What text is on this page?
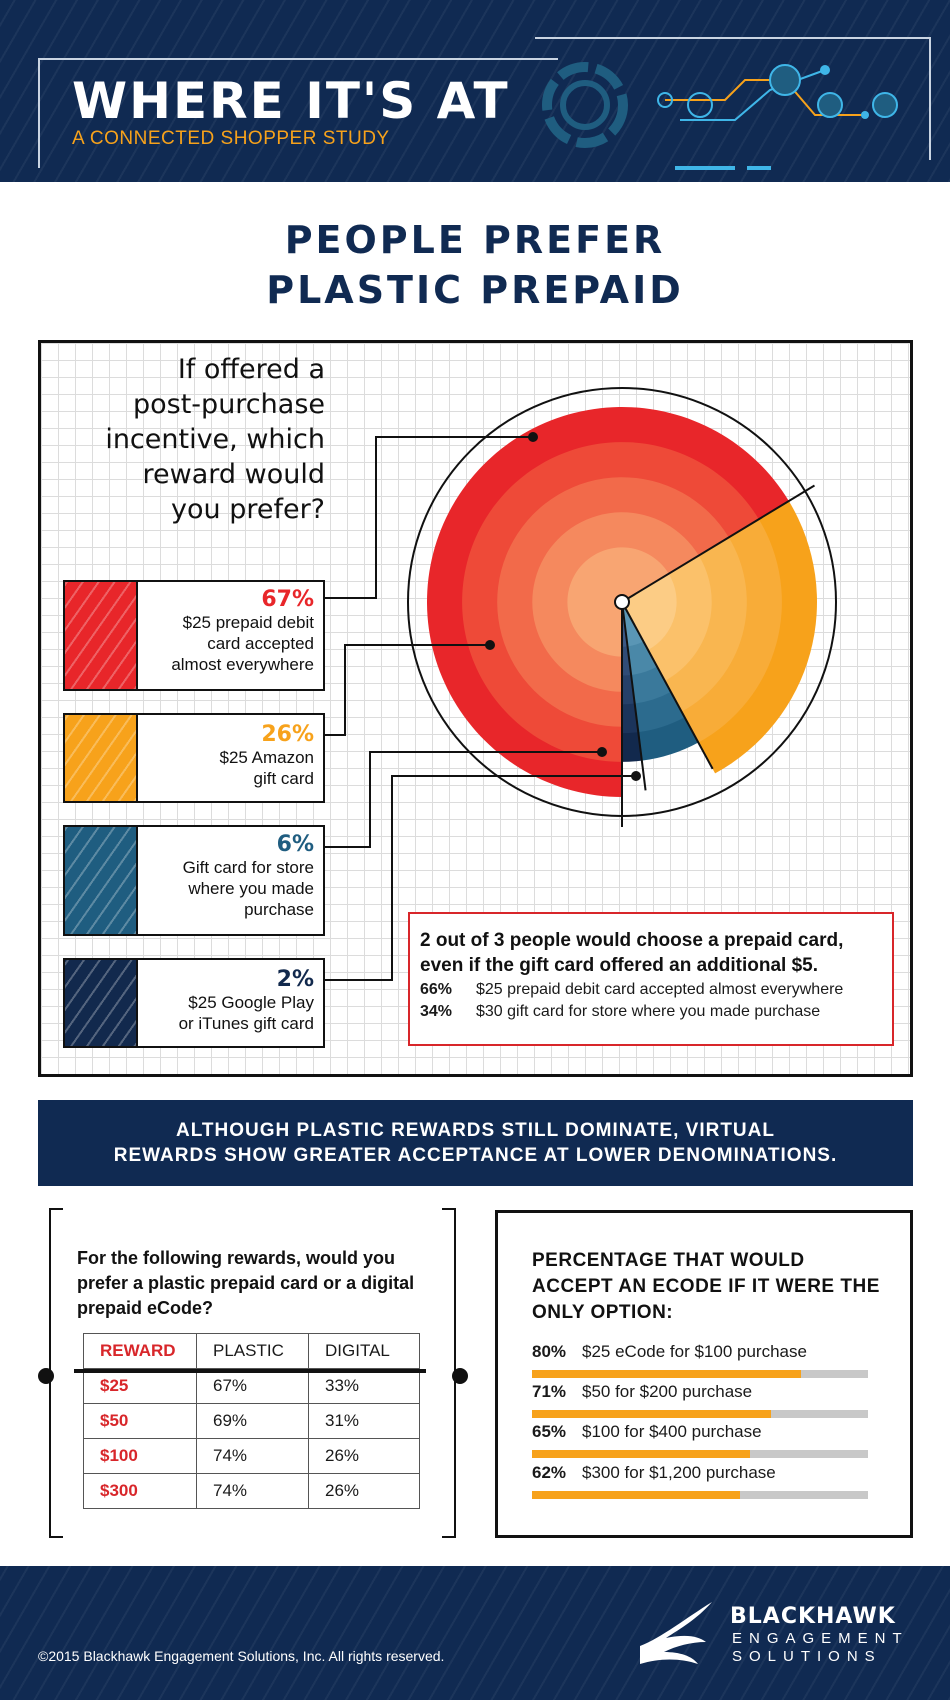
WHERE IT'S AT
A CONNECTED SHOPPER STUDY
PEOPLE PREFER
PLASTIC PREPAID
If offered a
post-purchase
incentive, which
reward would
you prefer?
67%
$25 prepaid debit
card accepted
almost everywhere
26%
$25 Amazon
gift card
6%
Gift card for store
where you made
purchase
2%
$25 Google Play
or iTunes gift card
2 out of 3 people would choose a prepaid card,
even if the gift card offered an additional $5.
66% $25 prepaid debit card accepted almost everywhere
34% $30 gift card for store where you made purchase
ALTHOUGH PLASTIC REWARDS STILL DOMINATE, VIRTUAL
REWARDS SHOW GREATER ACCEPTANCE AT LOWER DENOMINATIONS.
For the following rewards, would you
prefer a plastic prepaid card or a digital
prepaid eCode?
REWARD	PLASTIC	DIGITAL
$25	67%	33%
$50	69%	31%
$100	74%	26%
$300	74%	26%
PERCENTAGE THAT WOULD
ACCEPT AN ECODE IF IT WERE THE
ONLY OPTION:
80% $25 eCode for $100 purchase
71% $50 for $200 purchase
65% $100 for $400 purchase
62% $300 for $1,200 purchase
©2015 Blackhawk Engagement Solutions, Inc. All rights reserved.
BLACKHAWK
ENGAGEMENT
SOLUTIONS
